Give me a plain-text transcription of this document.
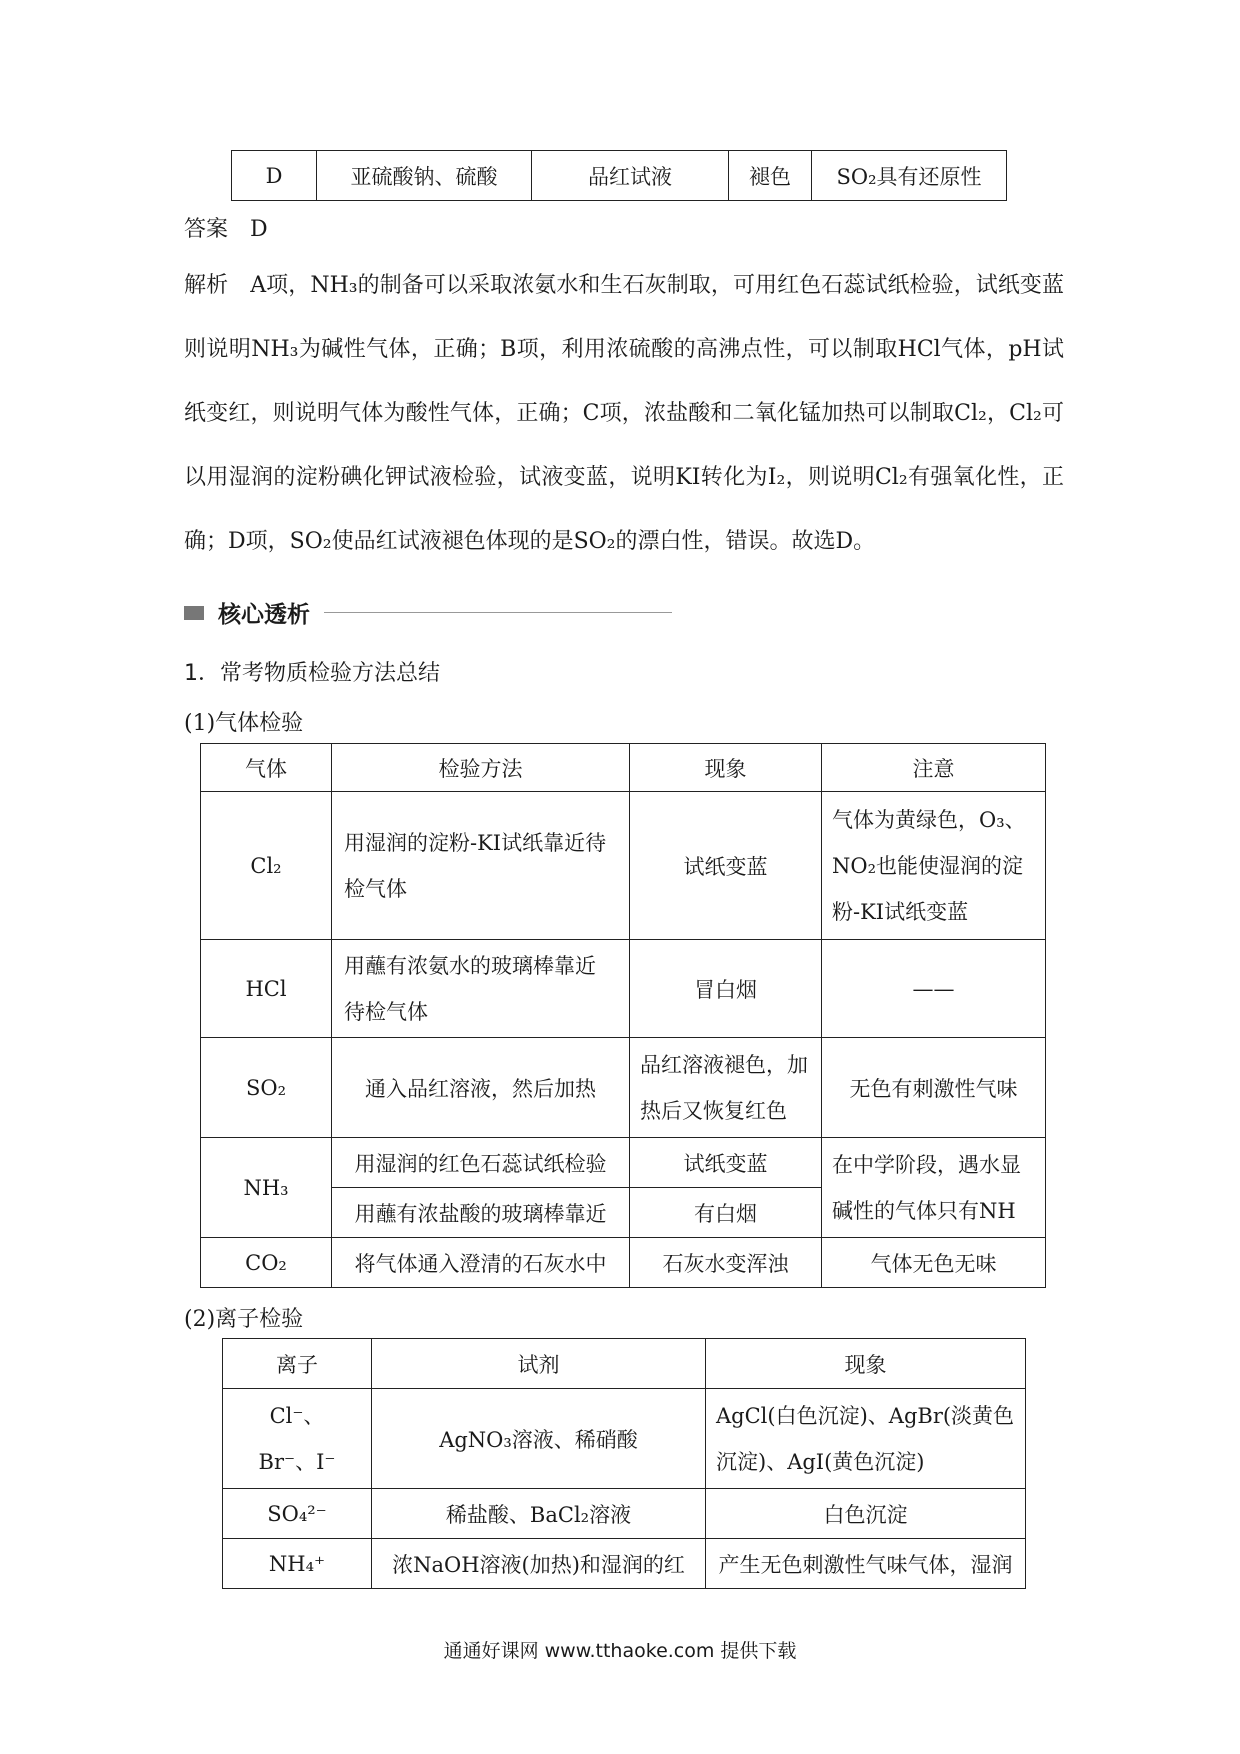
D	亚硫酸钠、硫酸	品红试液	褪色	SO₂具有还原性
答案　D
解析　A项，NH₃的制备可以采取浓氨水和生石灰制取，可用红色石蕊试纸检验，试纸变蓝则说明NH₃为碱性气体，正确；B项，利用浓硫酸的高沸点性，可以制取HCl气体，pH试纸变红，则说明气体为酸性气体，正确；C项，浓盐酸和二氧化锰加热可以制取Cl₂，Cl₂可以用湿润的淀粉碘化钾试液检验，试液变蓝，说明KI转化为I₂，则说明Cl₂有强氧化性，正确；D项，SO₂使品红试液褪色体现的是SO₂的漂白性，错误。故选D。
核心透析
1．常考物质检验方法总结
(1)气体检验
气体	检验方法	现象	注意
Cl₂	用湿润的淀粉-KI试纸靠近待检气体	试纸变蓝	气体为黄绿色，O₃、NO₂也能使湿润的淀粉-KI试纸变蓝
HCl	用蘸有浓氨水的玻璃棒靠近待检气体	冒白烟	——
SO₂	通入品红溶液，然后加热	品红溶液褪色，加热后又恢复红色	无色有刺激性气味
NH₃	用湿润的红色石蕊试纸检验	试纸变蓝	在中学阶段，遇水显碱性的气体只有NH
	用蘸有浓盐酸的玻璃棒靠近	有白烟	
CO₂	将气体通入澄清的石灰水中	石灰水变浑浊	气体无色无味
(2)离子检验
离子	试剂	现象
Cl⁻、Br⁻、I⁻	AgNO₃溶液、稀硝酸	AgCl(白色沉淀)、AgBr(淡黄色沉淀)、AgI(黄色沉淀)
SO₄²⁻	稀盐酸、BaCl₂溶液	白色沉淀
NH₄⁺	浓NaOH溶液(加热)和湿润的红	产生无色刺激性气味气体，湿润
通通好课网 www.tthaoke.com 提供下载
